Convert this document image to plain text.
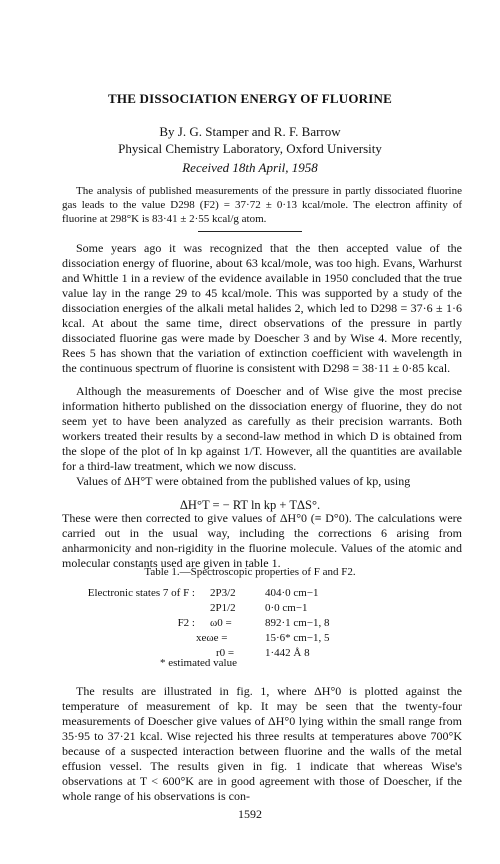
THE DISSOCIATION ENERGY OF FLUORINE
By J. G. Stamper and R. F. Barrow
Physical Chemistry Laboratory, Oxford University
Received 18th April, 1958
The analysis of published measurements of the pressure in partly dissociated fluorine gas leads to the value D298 (F2) = 37·72 ± 0·13 kcal/mole. The electron affinity of fluorine at 298°K is 83·41 ± 2·55 kcal/g atom.
Some years ago it was recognized that the then accepted value of the dissociation energy of fluorine, about 63 kcal/mole, was too high. Evans, Warhurst and Whittle 1 in a review of the evidence available in 1950 concluded that the true value lay in the range 29 to 45 kcal/mole. This was supported by a study of the dissociation energies of the alkali metal halides 2, which led to D298 = 37·6 ± 1·6 kcal. At about the same time, direct observations of the pressure in partly dissociated fluorine gas were made by Doescher 3 and by Wise 4. More recently, Rees 5 has shown that the variation of extinction coefficient with wavelength in the continuous spectrum of fluorine is consistent with D298 = 38·11 ± 0·85 kcal.
Although the measurements of Doescher and of Wise give the most precise information hitherto published on the dissociation energy of fluorine, they do not seem yet to have been analyzed as carefully as their precision warrants. Both workers treated their results by a second-law method in which D is obtained from the slope of the plot of ln kp against 1/T. However, all the quantities are available for a third-law treatment, which we now discuss.
Values of ΔH°T were obtained from the published values of kp, using
These were then corrected to give values of ΔH°0 (≡ D°0). The calculations were carried out in the usual way, including the corrections 6 arising from anharmonicity and non-rigidity in the fluorine molecule. Values of the atomic and molecular constants used are given in table 1.
Table 1.—Spectroscopic properties of F and F2.
Electronic states 7 of F : 2P3/2	404·0 cm−1
2P1/2	0·0 cm−1
F2 : ω0 =	892·1 cm−1, 8
xeωe =	15·6* cm−1, 5
r0 =	1·442 Å 8
* estimated value
The results are illustrated in fig. 1, where ΔH°0 is plotted against the temperature of measurement of kp. It may be seen that the twenty-four measurements of Doescher give values of ΔH°0 lying within the small range from 35·95 to 37·21 kcal. Wise rejected his three results at temperatures above 700°K because of a suspected interaction between fluorine and the walls of the metal effusion vessel. The results given in fig. 1 indicate that whereas Wise's observations at T < 600°K are in good agreement with those of Doescher, if the whole range of his observations is con-
1592
ΔH°T = − RT ln kp + TΔS°.
